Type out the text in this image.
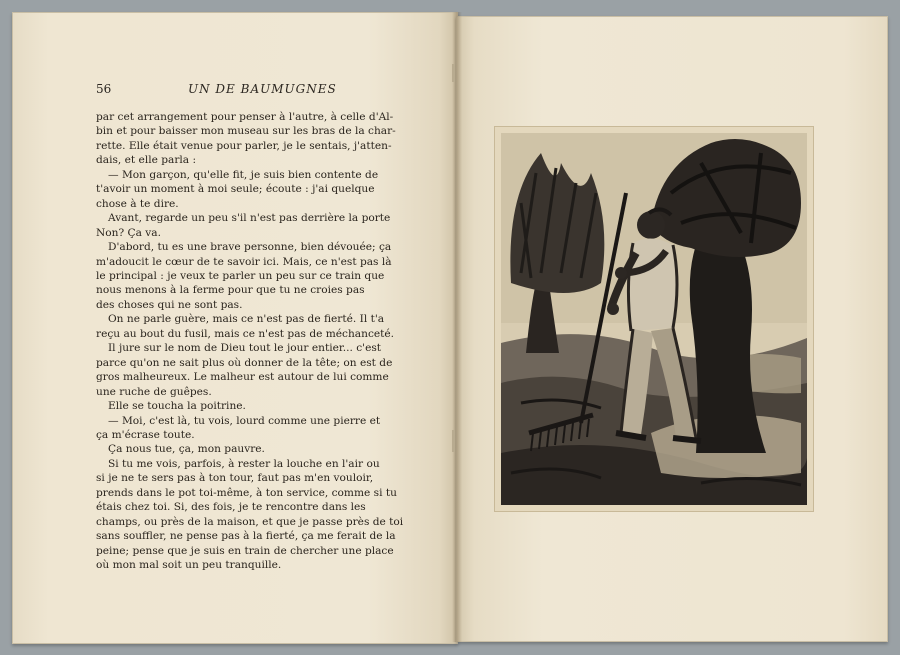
56	UN DE BAUMUGNES
par cet arrangement pour penser à l'autre, à celle d'Al-
bin et pour baisser mon museau sur les bras de la char-
rette. Elle était venue pour parler, je le sentais, j'atten-
dais, et elle parla :
— Mon garçon, qu'elle fit, je suis bien contente de
t'avoir un moment à moi seule; écoute : j'ai quelque
chose à te dire.
Avant, regarde un peu s'il n'est pas derrière la porte
Non? Ça va.
D'abord, tu es une brave personne, bien dévouée; ça
m'adoucit le cœur de te savoir ici. Mais, ce n'est pas là
le principal : je veux te parler un peu sur ce train que
nous menons à la ferme pour que tu ne croies pas
des choses qui ne sont pas.
On ne parle guère, mais ce n'est pas de fierté. Il t'a
reçu au bout du fusil, mais ce n'est pas de méchanceté.
Il jure sur le nom de Dieu tout le jour entier... c'est
parce qu'on ne sait plus où donner de la tête; on est de
gros malheureux. Le malheur est autour de lui comme
une ruche de guêpes.
Elle se toucha la poitrine.
— Moi, c'est là, tu vois, lourd comme une pierre et
ça m'écrase toute.
Ça nous tue, ça, mon pauvre.
Si tu me vois, parfois, à rester la louche en l'air ou
si je ne te sers pas à ton tour, faut pas m'en vouloir,
prends dans le pot toi-même, à ton service, comme si tu
étais chez toi. Si, des fois, je te rencontre dans les
champs, ou près de la maison, et que je passe près de toi
sans souffler, ne pense pas à la fierté, ça me ferait de la
peine; pense que je suis en train de chercher une place
où mon mal soit un peu tranquille.
